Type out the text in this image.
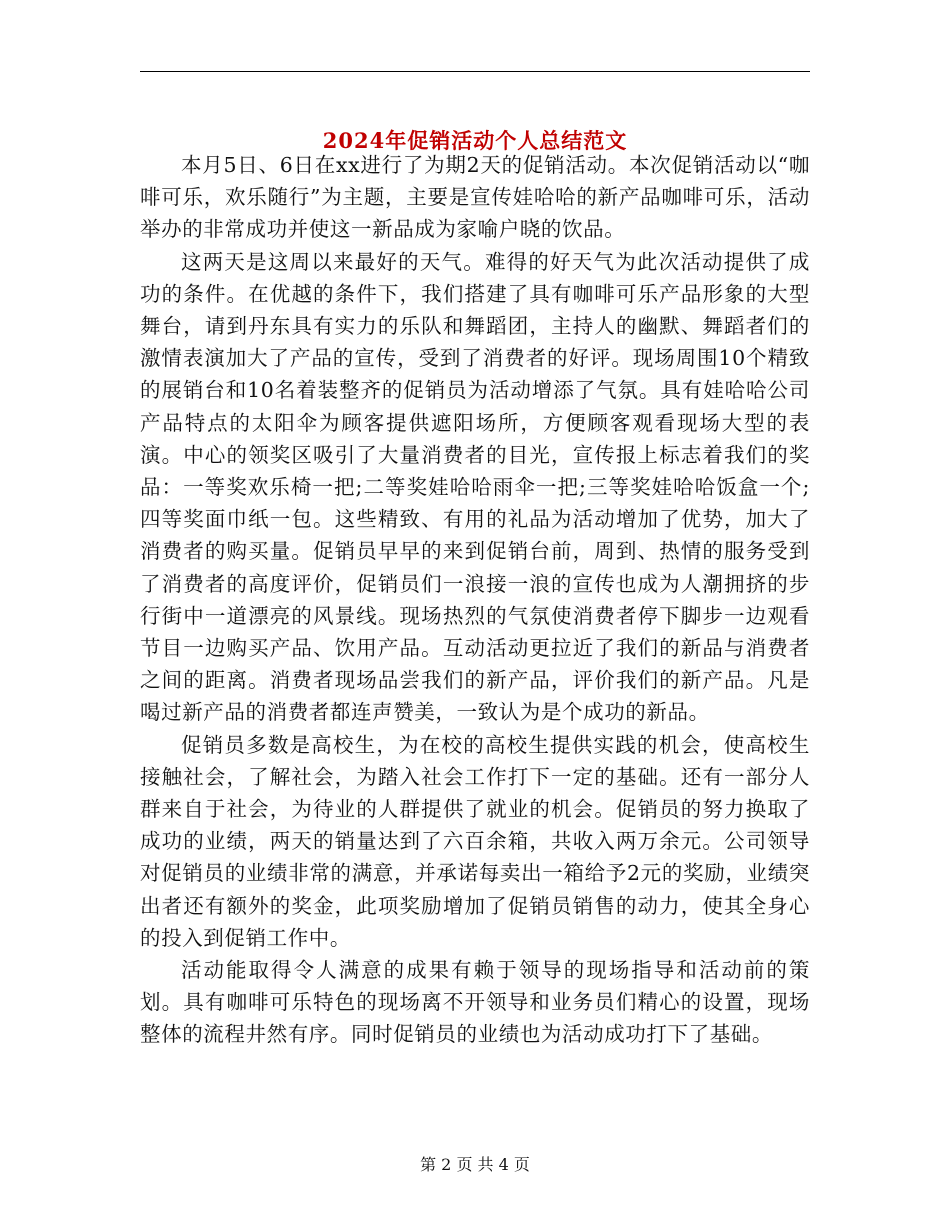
2024年促销活动个人总结范文

本月5日、6日在xx进行了为期2天的促销活动。本次促销活动以“咖啡可乐，欢乐随行”为主题，主要是宣传娃哈哈的新产品咖啡可乐，活动举办的非常成功并使这一新品成为家喻户晓的饮品。

这两天是这周以来最好的天气。难得的好天气为此次活动提供了成功的条件。在优越的条件下，我们搭建了具有咖啡可乐产品形象的大型舞台，请到丹东具有实力的乐队和舞蹈团，主持人的幽默、舞蹈者们的激情表演加大了产品的宣传，受到了消费者的好评。现场周围10个精致的展销台和10名着装整齐的促销员为活动增添了气氛。具有娃哈哈公司产品特点的太阳伞为顾客提供遮阳场所，方便顾客观看现场大型的表演。中心的领奖区吸引了大量消费者的目光，宣传报上标志着我们的奖品：一等奖欢乐椅一把;二等奖娃哈哈雨伞一把;三等奖娃哈哈饭盒一个;四等奖面巾纸一包。这些精致、有用的礼品为活动增加了优势，加大了消费者的购买量。促销员早早的来到促销台前，周到、热情的服务受到了消费者的高度评价，促销员们一浪接一浪的宣传也成为人潮拥挤的步行街中一道漂亮的风景线。现场热烈的气氛使消费者停下脚步一边观看节目一边购买产品、饮用产品。互动活动更拉近了我们的新品与消费者之间的距离。消费者现场品尝我们的新产品，评价我们的新产品。凡是喝过新产品的消费者都连声赞美，一致认为是个成功的新品。

促销员多数是高校生，为在校的高校生提供实践的机会，使高校生接触社会，了解社会，为踏入社会工作打下一定的基础。还有一部分人群来自于社会，为待业的人群提供了就业的机会。促销员的努力换取了成功的业绩，两天的销量达到了六百余箱，共收入两万余元。公司领导对促销员的业绩非常的满意，并承诺每卖出一箱给予2元的奖励，业绩突出者还有额外的奖金，此项奖励增加了促销员销售的动力，使其全身心的投入到促销工作中。

活动能取得令人满意的成果有赖于领导的现场指导和活动前的策划。具有咖啡可乐特色的现场离不开领导和业务员们精心的设置，现场整体的流程井然有序。同时促销员的业绩也为活动成功打下了基础。

第 2 页 共 4 页
